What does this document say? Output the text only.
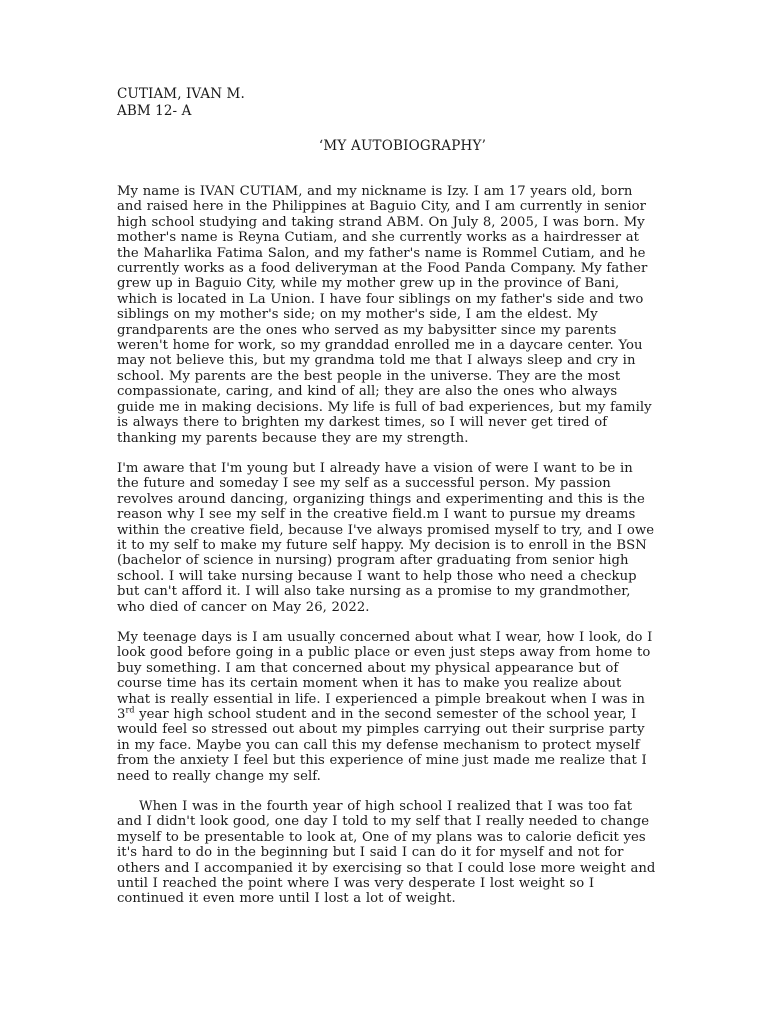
CUTIAM, IVAN M.

ABM 12- A

‘MY AUTOBIOGRAPHY’

My name is IVAN CUTIAM, and my nickname is Izy. I am 17 years old, born and raised here in the Philippines at Baguio City, and I am currently in senior high school studying and taking strand ABM. On July 8, 2005, I was born. My mother's name is Reyna Cutiam, and she currently works as a hairdresser at the Maharlika Fatima Salon, and my father's name is Rommel Cutiam, and he currently works as a food deliveryman at the Food Panda Company. My father grew up in Baguio City, while my mother grew up in the province of Bani, which is located in La Union. I have four siblings on my father's side and two siblings on my mother's side; on my mother's side, I am the eldest. My grandparents are the ones who served as my babysitter since my parents weren't home for work, so my granddad enrolled me in a daycare center. You may not believe this, but my grandma told me that I always sleep and cry in school. My parents are the best people in the universe. They are the most compassionate, caring, and kind of all; they are also the ones who always guide me in making decisions. My life is full of bad experiences, but my family is always there to brighten my darkest times, so I will never get tired of thanking my parents because they are my strength.

I'm aware that I'm young but I already have a vision of were I want to be in the future and someday I see my self as a successful person. My passion revolves around dancing, organizing things and experimenting and this is the reason why I see my self in the creative field.m I want to pursue my dreams within the creative field, because I've always promised myself to try, and I owe it to my self to make my future self happy. My decision is to enroll in the BSN (bachelor of science in nursing) program after graduating from senior high school. I will take nursing because I want to help those who need a checkup but can't afford it. I will also take nursing as a promise to my grandmother, who died of cancer on May 26, 2022.

My teenage days is I am usually concerned about what I wear, how I look, do I look good before going in a public place or even just steps away from home to buy something. I am that concerned about my physical appearance but of course time has its certain moment when it has to make you realize about what is really essential in life. I experienced a pimple breakout when I was in 3rd year high school student and in the second semester of the school year, I would feel so stressed out about my pimples carrying out their surprise party in my face. Maybe you can call this my defense mechanism to protect myself from the anxiety I feel but this experience of mine just made me realize that I need to really change my self.

When I was in the fourth year of high school I realized that I was too fat and I didn't look good, one day I told to my self that I really needed to change myself to be presentable to look at, One of my plans was to calorie deficit yes it's hard to do in the beginning but I said I can do it for myself and not for others and I accompanied it by exercising so that I could lose more weight and until I reached the point where I was very desperate I lost weight so I continued it even more until I lost a lot of weight.
